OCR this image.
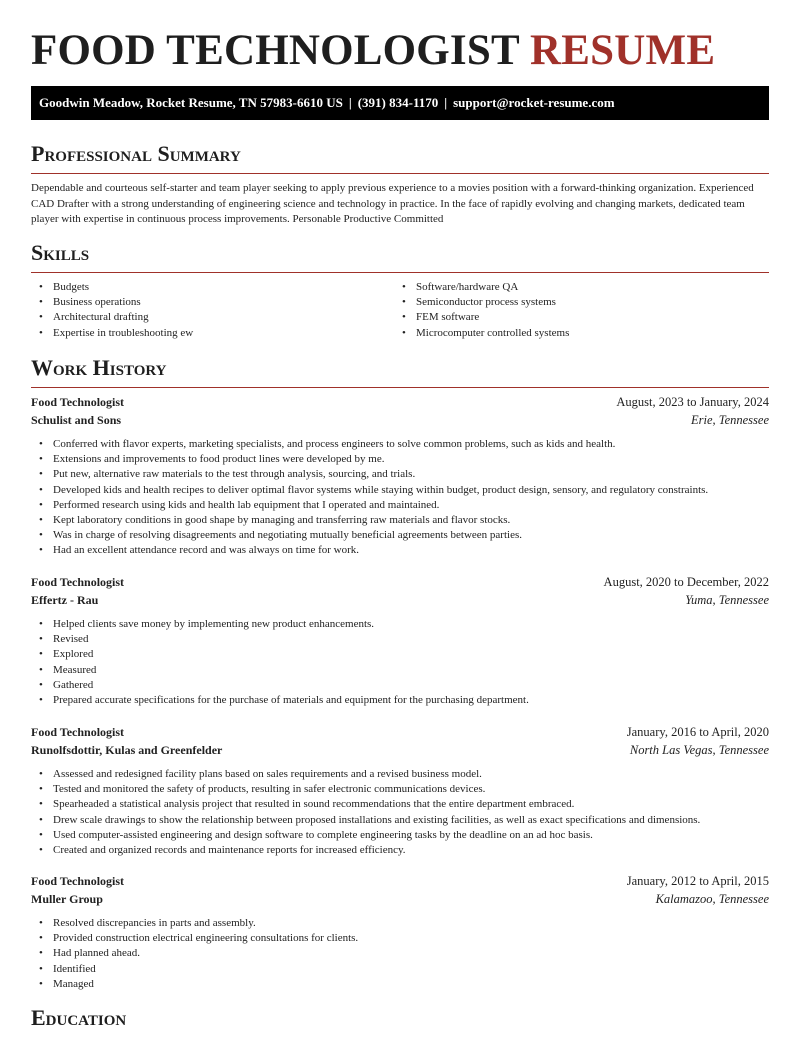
FOOD TECHNOLOGIST RESUME
Goodwin Meadow, Rocket Resume, TN 57983-6610 US | (391) 834-1170 | support@rocket-resume.com
Professional Summary
Dependable and courteous self-starter and team player seeking to apply previous experience to a movies position with a forward-thinking organization. Experienced CAD Drafter with a strong understanding of engineering science and technology in practice. In the face of rapidly evolving and changing markets, dedicated team player with expertise in continuous process improvements. Personable Productive Committed
Skills
• Budgets
• Business operations
• Architectural drafting
• Expertise in troubleshooting ew
• Software/hardware QA
• Semiconductor process systems
• FEM software
• Microcomputer controlled systems
Work History
Food Technologist	August, 2023 to January, 2024
Schulist and Sons	Erie, Tennessee
• Conferred with flavor experts, marketing specialists, and process engineers to solve common problems, such as kids and health.
• Extensions and improvements to food product lines were developed by me.
• Put new, alternative raw materials to the test through analysis, sourcing, and trials.
• Developed kids and health recipes to deliver optimal flavor systems while staying within budget, product design, sensory, and regulatory constraints.
• Performed research using kids and health lab equipment that I operated and maintained.
• Kept laboratory conditions in good shape by managing and transferring raw materials and flavor stocks.
• Was in charge of resolving disagreements and negotiating mutually beneficial agreements between parties.
• Had an excellent attendance record and was always on time for work.
Food Technologist	August, 2020 to December, 2022
Effertz - Rau	Yuma, Tennessee
• Helped clients save money by implementing new product enhancements.
• Revised
• Explored
• Measured
• Gathered
• Prepared accurate specifications for the purchase of materials and equipment for the purchasing department.
Food Technologist	January, 2016 to April, 2020
Runolfsdottir, Kulas and Greenfelder	North Las Vegas, Tennessee
• Assessed and redesigned facility plans based on sales requirements and a revised business model.
• Tested and monitored the safety of products, resulting in safer electronic communications devices.
• Spearheaded a statistical analysis project that resulted in sound recommendations that the entire department embraced.
• Drew scale drawings to show the relationship between proposed installations and existing facilities, as well as exact specifications and dimensions.
• Used computer-assisted engineering and design software to complete engineering tasks by the deadline on an ad hoc basis.
• Created and organized records and maintenance reports for increased efficiency.
Food Technologist	January, 2012 to April, 2015
Muller Group	Kalamazoo, Tennessee
• Resolved discrepancies in parts and assembly.
• Provided construction electrical engineering consultations for clients.
• Had planned ahead.
• Identified
• Managed
Education
